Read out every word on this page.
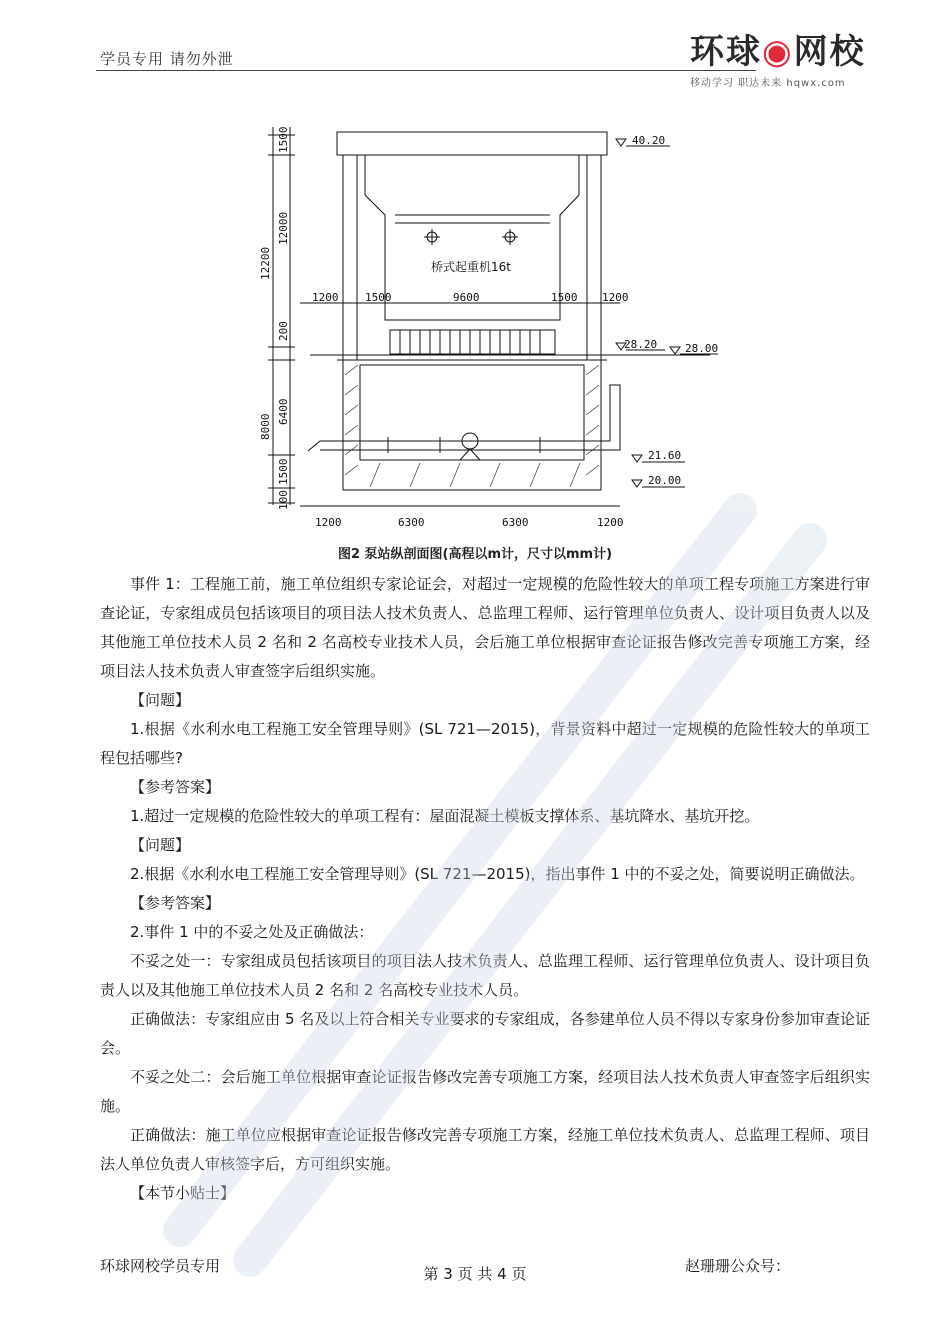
学员专用 请勿外泄	环球◉网校
移动学习 职达未来 hqwx.com
1500
12000
12200
200
8000
6400
1500
100
桥式起重机16t
1200 1500	9600	1500 1200
40.20
28.20	28.00
21.60
20.00
1200	6300	6300	1200
图2 泵站纵剖面图(高程以m计，尺寸以mm计)

事件 1：工程施工前，施工单位组织专家论证会，对超过一定规模的危险性较大的单项工程专项施工方案进行审查论证，专家组成员包括该项目的项目法人技术负责人、总监理工程师、运行管理单位负责人、设计项目负责人以及其他施工单位技术人员 2 名和 2 名高校专业技术人员，会后施工单位根据审查论证报告修改完善专项施工方案，经项目法人技术负责人审查签字后组织实施。

【问题】

1.根据《水利水电工程施工安全管理导则》(SL 721—2015)，背景资料中超过一定规模的危险性较大的单项工程包括哪些?

【参考答案】

1.超过一定规模的危险性较大的单项工程有：屋面混凝土模板支撑体系、基坑降水、基坑开挖。

【问题】

2.根据《水利水电工程施工安全管理导则》(SL 721—2015)，指出事件 1 中的不妥之处，简要说明正确做法。

【参考答案】

2.事件 1 中的不妥之处及正确做法：

不妥之处一：专家组成员包括该项目的项目法人技术负责人、总监理工程师、运行管理单位负责人、设计项目负责人以及其他施工单位技术人员 2 名和 2 名高校专业技术人员。

正确做法：专家组应由 5 名及以上符合相关专业要求的专家组成，各参建单位人员不得以专家身份参加审查论证会。

不妥之处二：会后施工单位根据审查论证报告修改完善专项施工方案，经项目法人技术负责人审查签字后组织实施。

正确做法：施工单位应根据审查论证报告修改完善专项施工方案，经施工单位技术负责人、总监理工程师、项目法人单位负责人审核签字后，方可组织实施。

【本节小贴士】

环球网校学员专用	第 3 页 共 4 页	赵珊珊公众号：
